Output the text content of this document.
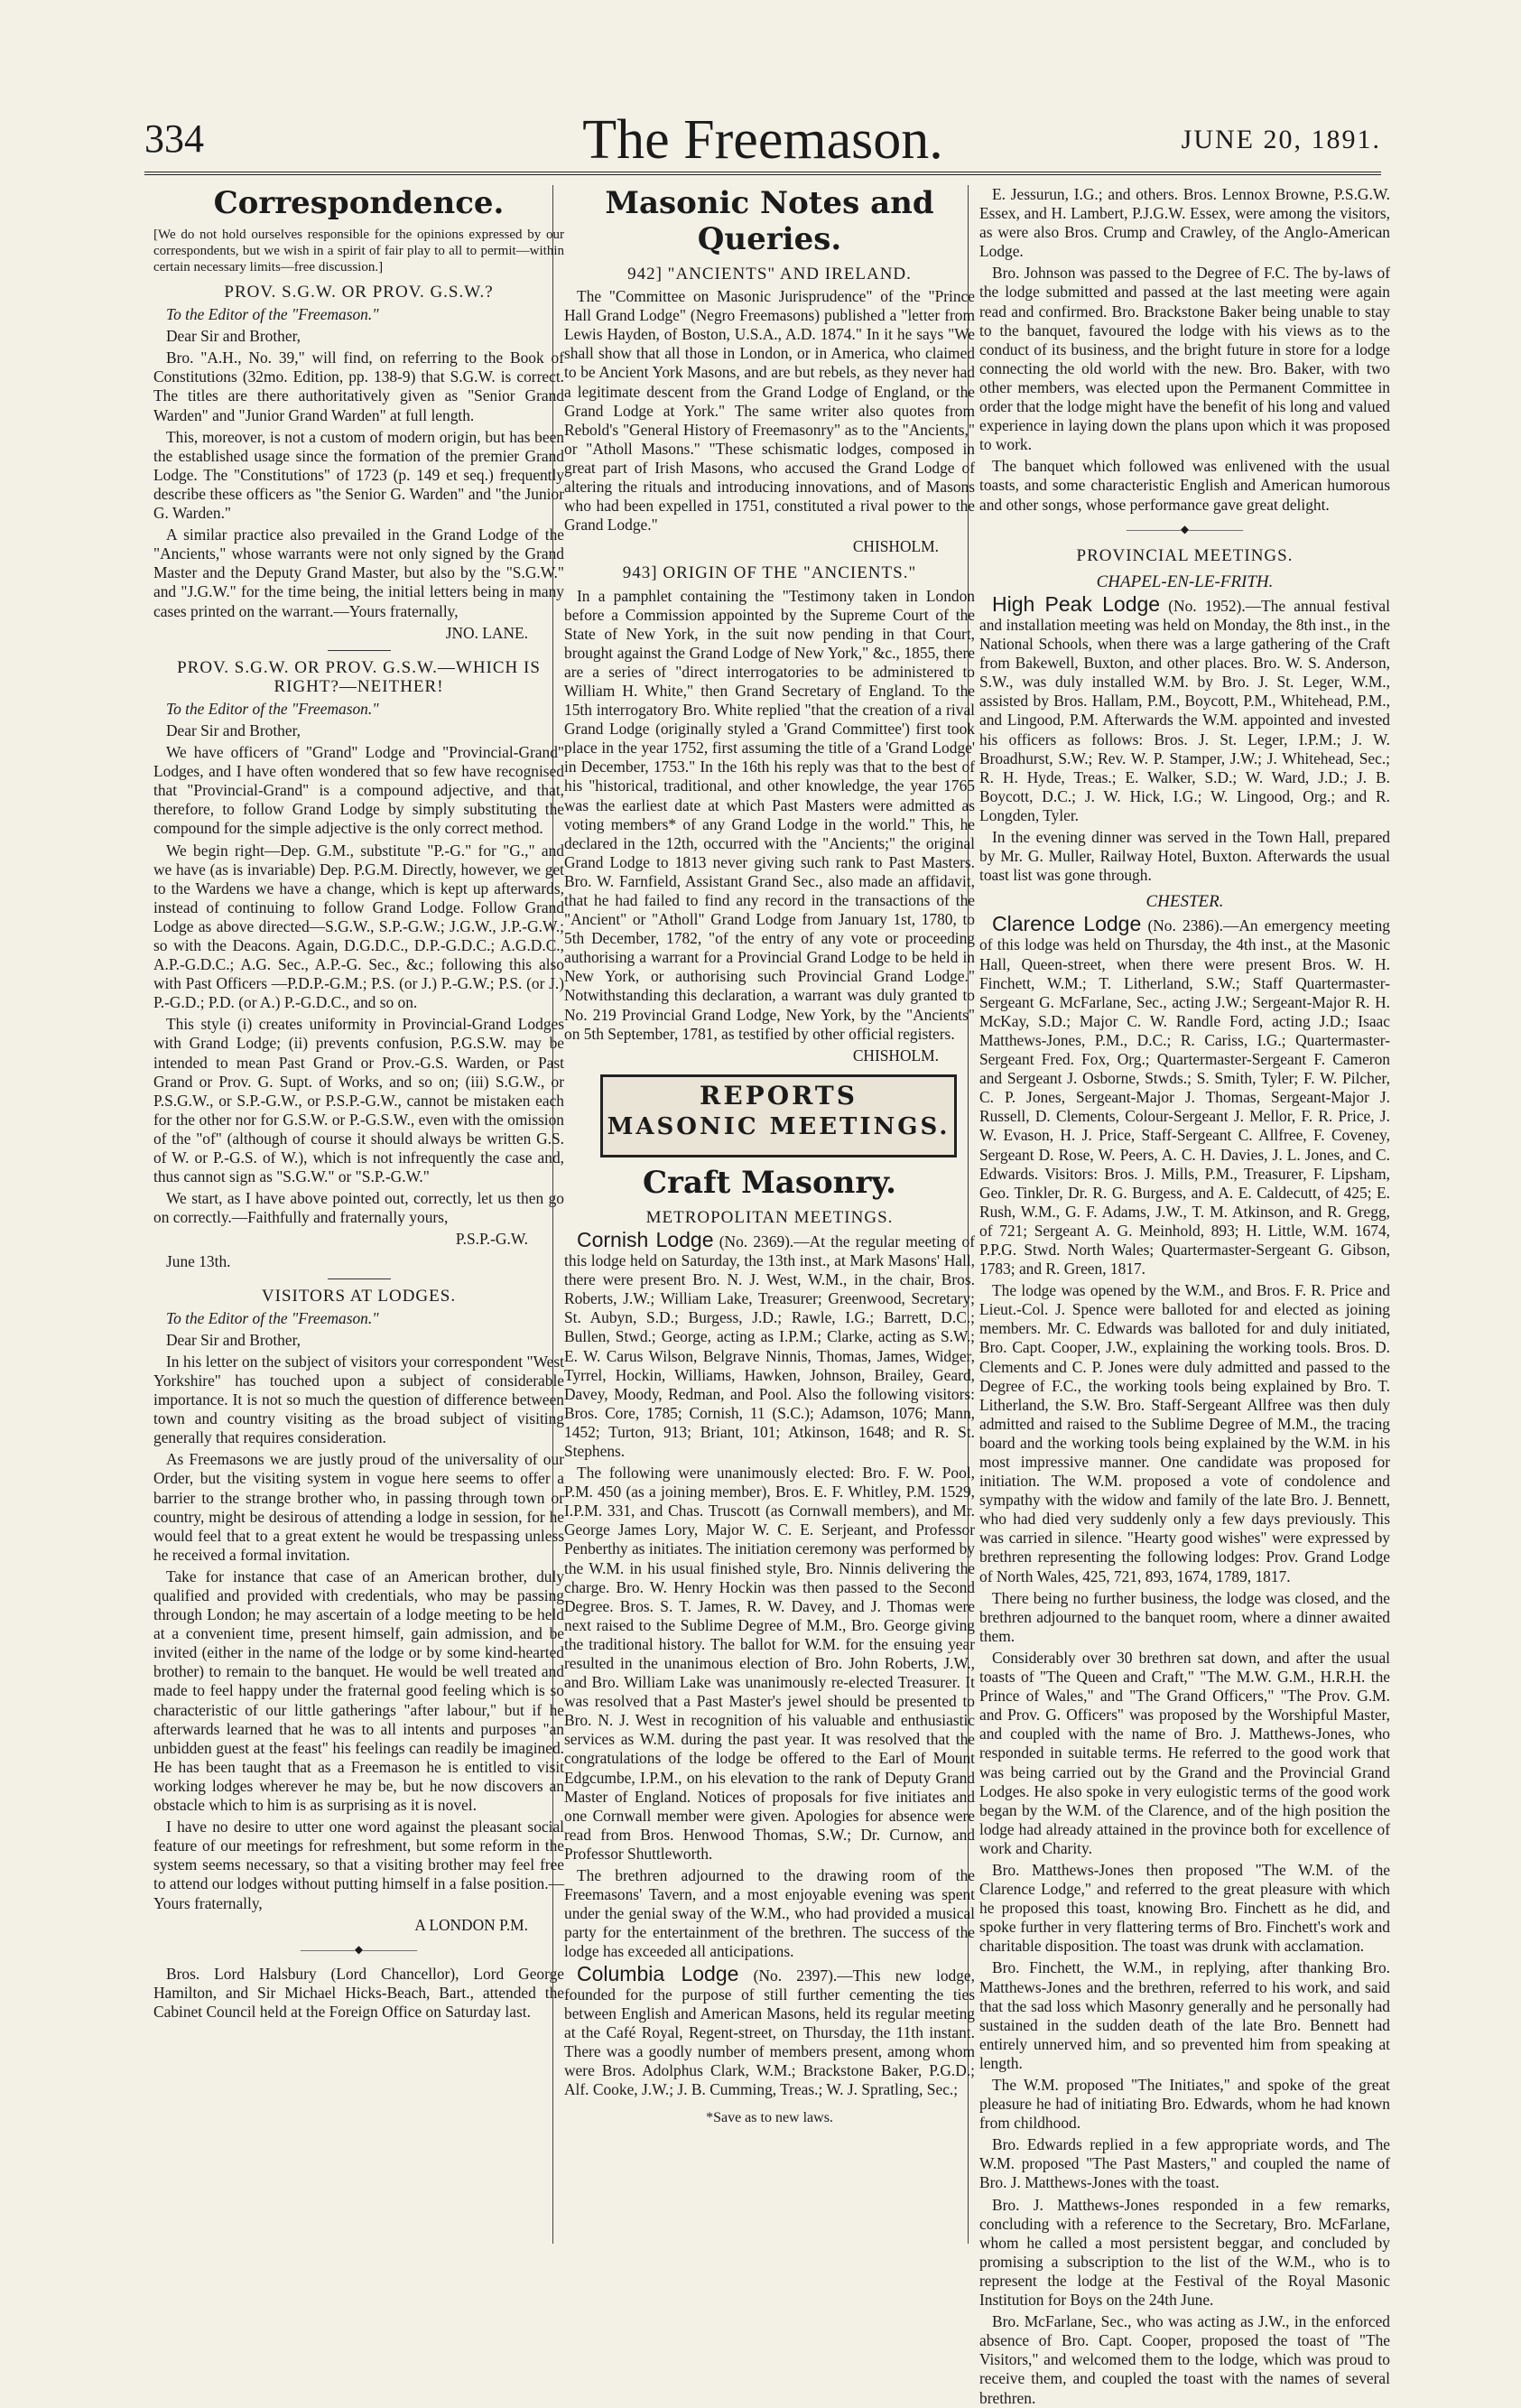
334	The Freemason.	JUNE 20, 1891.
Correspondence.

[We do not hold ourselves responsible for the opinions expressed by our correspondents, but we wish in a spirit of fair play to all to permit—within certain necessary limits—free discussion.]

PROV. S.G.W. OR PROV. G.S.W.?

To the Editor of the "Freemason."

Dear Sir and Brother,

Bro. "A.H., No. 39," will find, on referring to the Book of Constitutions (32mo. Edition, pp. 138-9) that S.G.W. is correct. The titles are there authoritatively given as "Senior Grand Warden" and "Junior Grand Warden" at full length.

This, moreover, is not a custom of modern origin, but has been the established usage since the formation of the premier Grand Lodge. The "Constitutions" of 1723 (p. 149 et seq.) frequently describe these officers as "the Senior G. Warden" and "the Junior G. Warden."

A similar practice also prevailed in the Grand Lodge of the "Ancients," whose warrants were not only signed by the Grand Master and the Deputy Grand Master, but also by the "S.G.W." and "J.G.W." for the time being, the initial letters being in many cases printed on the warrant.—Yours fraternally,

JNO. LANE.

PROV. S.G.W. OR PROV. G.S.W.—WHICH IS RIGHT?—NEITHER!

To the Editor of the "Freemason."

Dear Sir and Brother,

We have officers of "Grand" Lodge and "Provincial-Grand" Lodges, and I have often wondered that so few have recognised that "Provincial-Grand" is a compound adjective, and that, therefore, to follow Grand Lodge by simply substituting the compound for the simple adjective is the only correct method.

We begin right—Dep. G.M., substitute "P.-G." for "G.," and we have (as is invariable) Dep. P.G.M. Directly, however, we get to the Wardens we have a change, which is kept up afterwards, instead of continuing to follow Grand Lodge. Follow Grand Lodge as above directed—S.G.W., S.P.-G.W.; J.G.W., J.P.-G.W.; so with the Deacons. Again, D.G.D.C., D.P.-G.D.C.; A.G.D.C., A.P.-G.D.C.; A.G. Sec., A.P.-G. Sec., &c.; following this also with Past Officers —P.D.P.-G.M.; P.S. (or J.) P.-G.W.; P.S. (or J.) P.-G.D.; P.D. (or A.) P.-G.D.C., and so on.

This style (i) creates uniformity in Provincial-Grand Lodges with Grand Lodge; (ii) prevents confusion, P.G.S.W. may be intended to mean Past Grand or Prov.-G.S. Warden, or Past Grand or Prov. G. Supt. of Works, and so on; (iii) S.G.W., or P.S.G.W., or S.P.-G.W., or P.S.P.-G.W., cannot be mistaken each for the other nor for G.S.W. or P.-G.S.W., even with the omission of the "of" (although of course it should always be written G.S. of W. or P.-G.S. of W.), which is not infrequently the case and, thus cannot sign as "S.G.W." or "S.P.-G.W."

We start, as I have above pointed out, correctly, let us then go on correctly.—Faithfully and fraternally yours,

P.S.P.-G.W.

June 13th.

VISITORS AT LODGES.

To the Editor of the "Freemason."

Dear Sir and Brother,

In his letter on the subject of visitors your correspondent "West Yorkshire" has touched upon a subject of considerable importance. It is not so much the question of difference between town and country visiting as the broad subject of visiting generally that requires consideration.

As Freemasons we are justly proud of the universality of our Order, but the visiting system in vogue here seems to offer a barrier to the strange brother who, in passing through town or country, might be desirous of attending a lodge in session, for he would feel that to a great extent he would be trespassing unless he received a formal invitation.

Take for instance that case of an American brother, duly qualified and provided with credentials, who may be passing through London; he may ascertain of a lodge meeting to be held at a convenient time, present himself, gain admission, and be invited (either in the name of the lodge or by some kind-hearted brother) to remain to the banquet. He would be well treated and made to feel happy under the fraternal good feeling which is so characteristic of our little gatherings "after labour," but if he afterwards learned that he was to all intents and purposes "an unbidden guest at the feast" his feelings can readily be imagined. He has been taught that as a Freemason he is entitled to visit working lodges wherever he may be, but he now discovers an obstacle which to him is as surprising as it is novel.

I have no desire to utter one word against the pleasant social feature of our meetings for refreshment, but some reform in the system seems necessary, so that a visiting brother may feel free to attend our lodges without putting himself in a false position.—Yours fraternally,

A LONDON P.M.

—————◆—————

Bros. Lord Halsbury (Lord Chancellor), Lord George Hamilton, and Sir Michael Hicks-Beach, Bart., attended the Cabinet Council held at the Foreign Office on Saturday last.

Masonic Notes and Queries.
942] "ANCIENTS" AND IRELAND.

The "Committee on Masonic Jurisprudence" of the "Prince Hall Grand Lodge" (Negro Freemasons) published a "letter from Lewis Hayden, of Boston, U.S.A., A.D. 1874." In it he says "We shall show that all those in London, or in America, who claimed to be Ancient York Masons, and are but rebels, as they never had a legitimate descent from the Grand Lodge of England, or the Grand Lodge at York." The same writer also quotes from Rebold's "General History of Freemasonry" as to the "Ancients," or "Atholl Masons." "These schismatic lodges, composed in great part of Irish Masons, who accused the Grand Lodge of altering the rituals and introducing innovations, and of Masons who had been expelled in 1751, constituted a rival power to the Grand Lodge."

CHISHOLM.

943] ORIGIN OF THE "ANCIENTS."

In a pamphlet containing the "Testimony taken in London before a Commission appointed by the Supreme Court of the State of New York, in the suit now pending in that Court, brought against the Grand Lodge of New York," &c., 1855, there are a series of "direct interrogatories to be administered to William H. White," then Grand Secretary of England. To the 15th interrogatory Bro. White replied "that the creation of a rival Grand Lodge (originally styled a 'Grand Committee') first took place in the year 1752, first assuming the title of a 'Grand Lodge' in December, 1753." In the 16th his reply was that to the best of his "historical, traditional, and other knowledge, the year 1765 was the earliest date at which Past Masters were admitted as voting members* of any Grand Lodge in the world." This, he declared in the 12th, occurred with the "Ancients;" the original Grand Lodge to 1813 never giving such rank to Past Masters. Bro. W. Farnfield, Assistant Grand Sec., also made an affidavit, that he had failed to find any record in the transactions of the "Ancient" or "Atholl" Grand Lodge from January 1st, 1780, to 5th December, 1782, "of the entry of any vote or proceeding authorising a warrant for a Provincial Grand Lodge to be held in New York, or authorising such Provincial Grand Lodge." Notwithstanding this declaration, a warrant was duly granted to No. 219 Provincial Grand Lodge, New York, by the "Ancients" on 5th September, 1781, as testified by other official registers.

CHISHOLM.

REPORTS
MASONIC MEETINGS.
Craft Masonry.
METROPOLITAN MEETINGS.

Cornish Lodge (No. 2369).—At the regular meeting of this lodge held on Saturday, the 13th inst., at Mark Masons' Hall, there were present Bro. N. J. West, W.M., in the chair, Bros. Roberts, J.W.; William Lake, Treasurer; Greenwood, Secretary; St. Aubyn, S.D.; Burgess, J.D.; Rawle, I.G.; Barrett, D.C.; Bullen, Stwd.; George, acting as I.P.M.; Clarke, acting as S.W.; E. W. Carus Wilson, Belgrave Ninnis, Thomas, James, Widger, Tyrrel, Hockin, Williams, Hawken, Johnson, Brailey, Geard, Davey, Moody, Redman, and Pool. Also the following visitors: Bros. Core, 1785; Cornish, 11 (S.C.); Adamson, 1076; Mann, 1452; Turton, 913; Briant, 101; Atkinson, 1648; and R. St. Stephens.

The following were unanimously elected: Bro. F. W. Pool, P.M. 450 (as a joining member), Bros. E. F. Whitley, P.M. 1529, I.P.M. 331, and Chas. Truscott (as Cornwall members), and Mr. George James Lory, Major W. C. E. Serjeant, and Professor Penberthy as initiates. The initiation ceremony was performed by the W.M. in his usual finished style, Bro. Ninnis delivering the charge. Bro. W. Henry Hockin was then passed to the Second Degree. Bros. S. T. James, R. W. Davey, and J. Thomas were next raised to the Sublime Degree of M.M., Bro. George giving the traditional history. The ballot for W.M. for the ensuing year resulted in the unanimous election of Bro. John Roberts, J.W., and Bro. William Lake was unanimously re-elected Treasurer. It was resolved that a Past Master's jewel should be presented to Bro. N. J. West in recognition of his valuable and enthusiastic services as W.M. during the past year. It was resolved that the congratulations of the lodge be offered to the Earl of Mount Edgcumbe, I.P.M., on his elevation to the rank of Deputy Grand Master of England. Notices of proposals for five initiates and one Cornwall member were given. Apologies for absence were read from Bros. Henwood Thomas, S.W.; Dr. Curnow, and Professor Shuttleworth.

The brethren adjourned to the drawing room of the Freemasons' Tavern, and a most enjoyable evening was spent under the genial sway of the W.M., who had provided a musical party for the entertainment of the brethren. The success of the lodge has exceeded all anticipations.

Columbia Lodge (No. 2397).—This new lodge, founded for the purpose of still further cementing the ties between English and American Masons, held its regular meeting at the Café Royal, Regent-street, on Thursday, the 11th instant. There was a goodly number of members present, among whom were Bros. Adolphus Clark, W.M.; Brackstone Baker, P.G.D.; Alf. Cooke, J.W.; J. B. Cumming, Treas.; W. J. Spratling, Sec.;

*Save as to new laws.

E. Jessurun, I.G.; and others. Bros. Lennox Browne, P.S.G.W. Essex, and H. Lambert, P.J.G.W. Essex, were among the visitors, as were also Bros. Crump and Crawley, of the Anglo-American Lodge.

Bro. Johnson was passed to the Degree of F.C. The by-laws of the lodge submitted and passed at the last meeting were again read and confirmed. Bro. Brackstone Baker being unable to stay to the banquet, favoured the lodge with his views as to the conduct of its business, and the bright future in store for a lodge connecting the old world with the new. Bro. Baker, with two other members, was elected upon the Permanent Committee in order that the lodge might have the benefit of his long and valued experience in laying down the plans upon which it was proposed to work.

The banquet which followed was enlivened with the usual toasts, and some characteristic English and American humorous and other songs, whose performance gave great delight.

—————◆—————
PROVINCIAL MEETINGS.
CHAPEL-EN-LE-FRITH.

High Peak Lodge (No. 1952).—The annual festival and installation meeting was held on Monday, the 8th inst., in the National Schools, when there was a large gathering of the Craft from Bakewell, Buxton, and other places. Bro. W. S. Anderson, S.W., was duly installed W.M. by Bro. J. St. Leger, W.M., assisted by Bros. Hallam, P.M., Boycott, P.M., Whitehead, P.M., and Lingood, P.M. Afterwards the W.M. appointed and invested his officers as follows: Bros. J. St. Leger, I.P.M.; J. W. Broadhurst, S.W.; Rev. W. P. Stamper, J.W.; J. Whitehead, Sec.; R. H. Hyde, Treas.; E. Walker, S.D.; W. Ward, J.D.; J. B. Boycott, D.C.; J. W. Hick, I.G.; W. Lingood, Org.; and R. Longden, Tyler.

In the evening dinner was served in the Town Hall, prepared by Mr. G. Muller, Railway Hotel, Buxton. Afterwards the usual toast list was gone through.

CHESTER.

Clarence Lodge (No. 2386).—An emergency meeting of this lodge was held on Thursday, the 4th inst., at the Masonic Hall, Queen-street, when there were present Bros. W. H. Finchett, W.M.; T. Litherland, S.W.; Staff Quartermaster-Sergeant G. McFarlane, Sec., acting J.W.; Sergeant-Major R. H. McKay, S.D.; Major C. W. Randle Ford, acting J.D.; Isaac Matthews-Jones, P.M., D.C.; R. Cariss, I.G.; Quartermaster-Sergeant Fred. Fox, Org.; Quartermaster-Sergeant F. Cameron and Sergeant J. Osborne, Stwds.; S. Smith, Tyler; F. W. Pilcher, C. P. Jones, Sergeant-Major J. Thomas, Sergeant-Major J. Russell, D. Clements, Colour-Sergeant J. Mellor, F. R. Price, J. W. Evason, H. J. Price, Staff-Sergeant C. Allfree, F. Coveney, Sergeant D. Rose, W. Peers, A. C. H. Davies, J. L. Jones, and C. Edwards. Visitors: Bros. J. Mills, P.M., Treasurer, F. Lipsham, Geo. Tinkler, Dr. R. G. Burgess, and A. E. Caldecutt, of 425; E. Rush, W.M., G. F. Adams, J.W., T. M. Atkinson, and R. Gregg, of 721; Sergeant A. G. Meinhold, 893; H. Little, W.M. 1674, P.P.G. Stwd. North Wales; Quartermaster-Sergeant G. Gibson, 1783; and R. Green, 1817.

The lodge was opened by the W.M., and Bros. F. R. Price and Lieut.-Col. J. Spence were balloted for and elected as joining members. Mr. C. Edwards was balloted for and duly initiated, Bro. Capt. Cooper, J.W., explaining the working tools. Bros. D. Clements and C. P. Jones were duly admitted and passed to the Degree of F.C., the working tools being explained by Bro. T. Litherland, the S.W. Bro. Staff-Sergeant Allfree was then duly admitted and raised to the Sublime Degree of M.M., the tracing board and the working tools being explained by the W.M. in his most impressive manner. One candidate was proposed for initiation. The W.M. proposed a vote of condolence and sympathy with the widow and family of the late Bro. J. Bennett, who had died very suddenly only a few days previously. This was carried in silence. "Hearty good wishes" were expressed by brethren representing the following lodges: Prov. Grand Lodge of North Wales, 425, 721, 893, 1674, 1789, 1817.

There being no further business, the lodge was closed, and the brethren adjourned to the banquet room, where a dinner awaited them.

Considerably over 30 brethren sat down, and after the usual toasts of "The Queen and Craft," "The M.W. G.M., H.R.H. the Prince of Wales," and "The Grand Officers," "The Prov. G.M. and Prov. G. Officers" was proposed by the Worshipful Master, and coupled with the name of Bro. J. Matthews-Jones, who responded in suitable terms. He referred to the good work that was being carried out by the Grand and the Provincial Grand Lodges. He also spoke in very eulogistic terms of the good work began by the W.M. of the Clarence, and of the high position the lodge had already attained in the province both for excellence of work and Charity.

Bro. Matthews-Jones then proposed "The W.M. of the Clarence Lodge," and referred to the great pleasure with which he proposed this toast, knowing Bro. Finchett as he did, and spoke further in very flattering terms of Bro. Finchett's work and charitable disposition. The toast was drunk with acclamation.

Bro. Finchett, the W.M., in replying, after thanking Bro. Matthews-Jones and the brethren, referred to his work, and said that the sad loss which Masonry generally and he personally had sustained in the sudden death of the late Bro. Bennett had entirely unnerved him, and so prevented him from speaking at length.

The W.M. proposed "The Initiates," and spoke of the great pleasure he had of initiating Bro. Edwards, whom he had known from childhood.

Bro. Edwards replied in a few appropriate words, and The W.M. proposed "The Past Masters," and coupled the name of Bro. J. Matthews-Jones with the toast.

Bro. J. Matthews-Jones responded in a few remarks, concluding with a reference to the Secretary, Bro. McFarlane, whom he called a most persistent beggar, and concluded by promising a subscription to the list of the W.M., who is to represent the lodge at the Festival of the Royal Masonic Institution for Boys on the 24th June.

Bro. McFarlane, Sec., who was acting as J.W., in the enforced absence of Bro. Capt. Cooper, proposed the toast of "The Visitors," and welcomed them to the lodge, which was proud to receive them, and coupled the toast with the names of several brethren.
